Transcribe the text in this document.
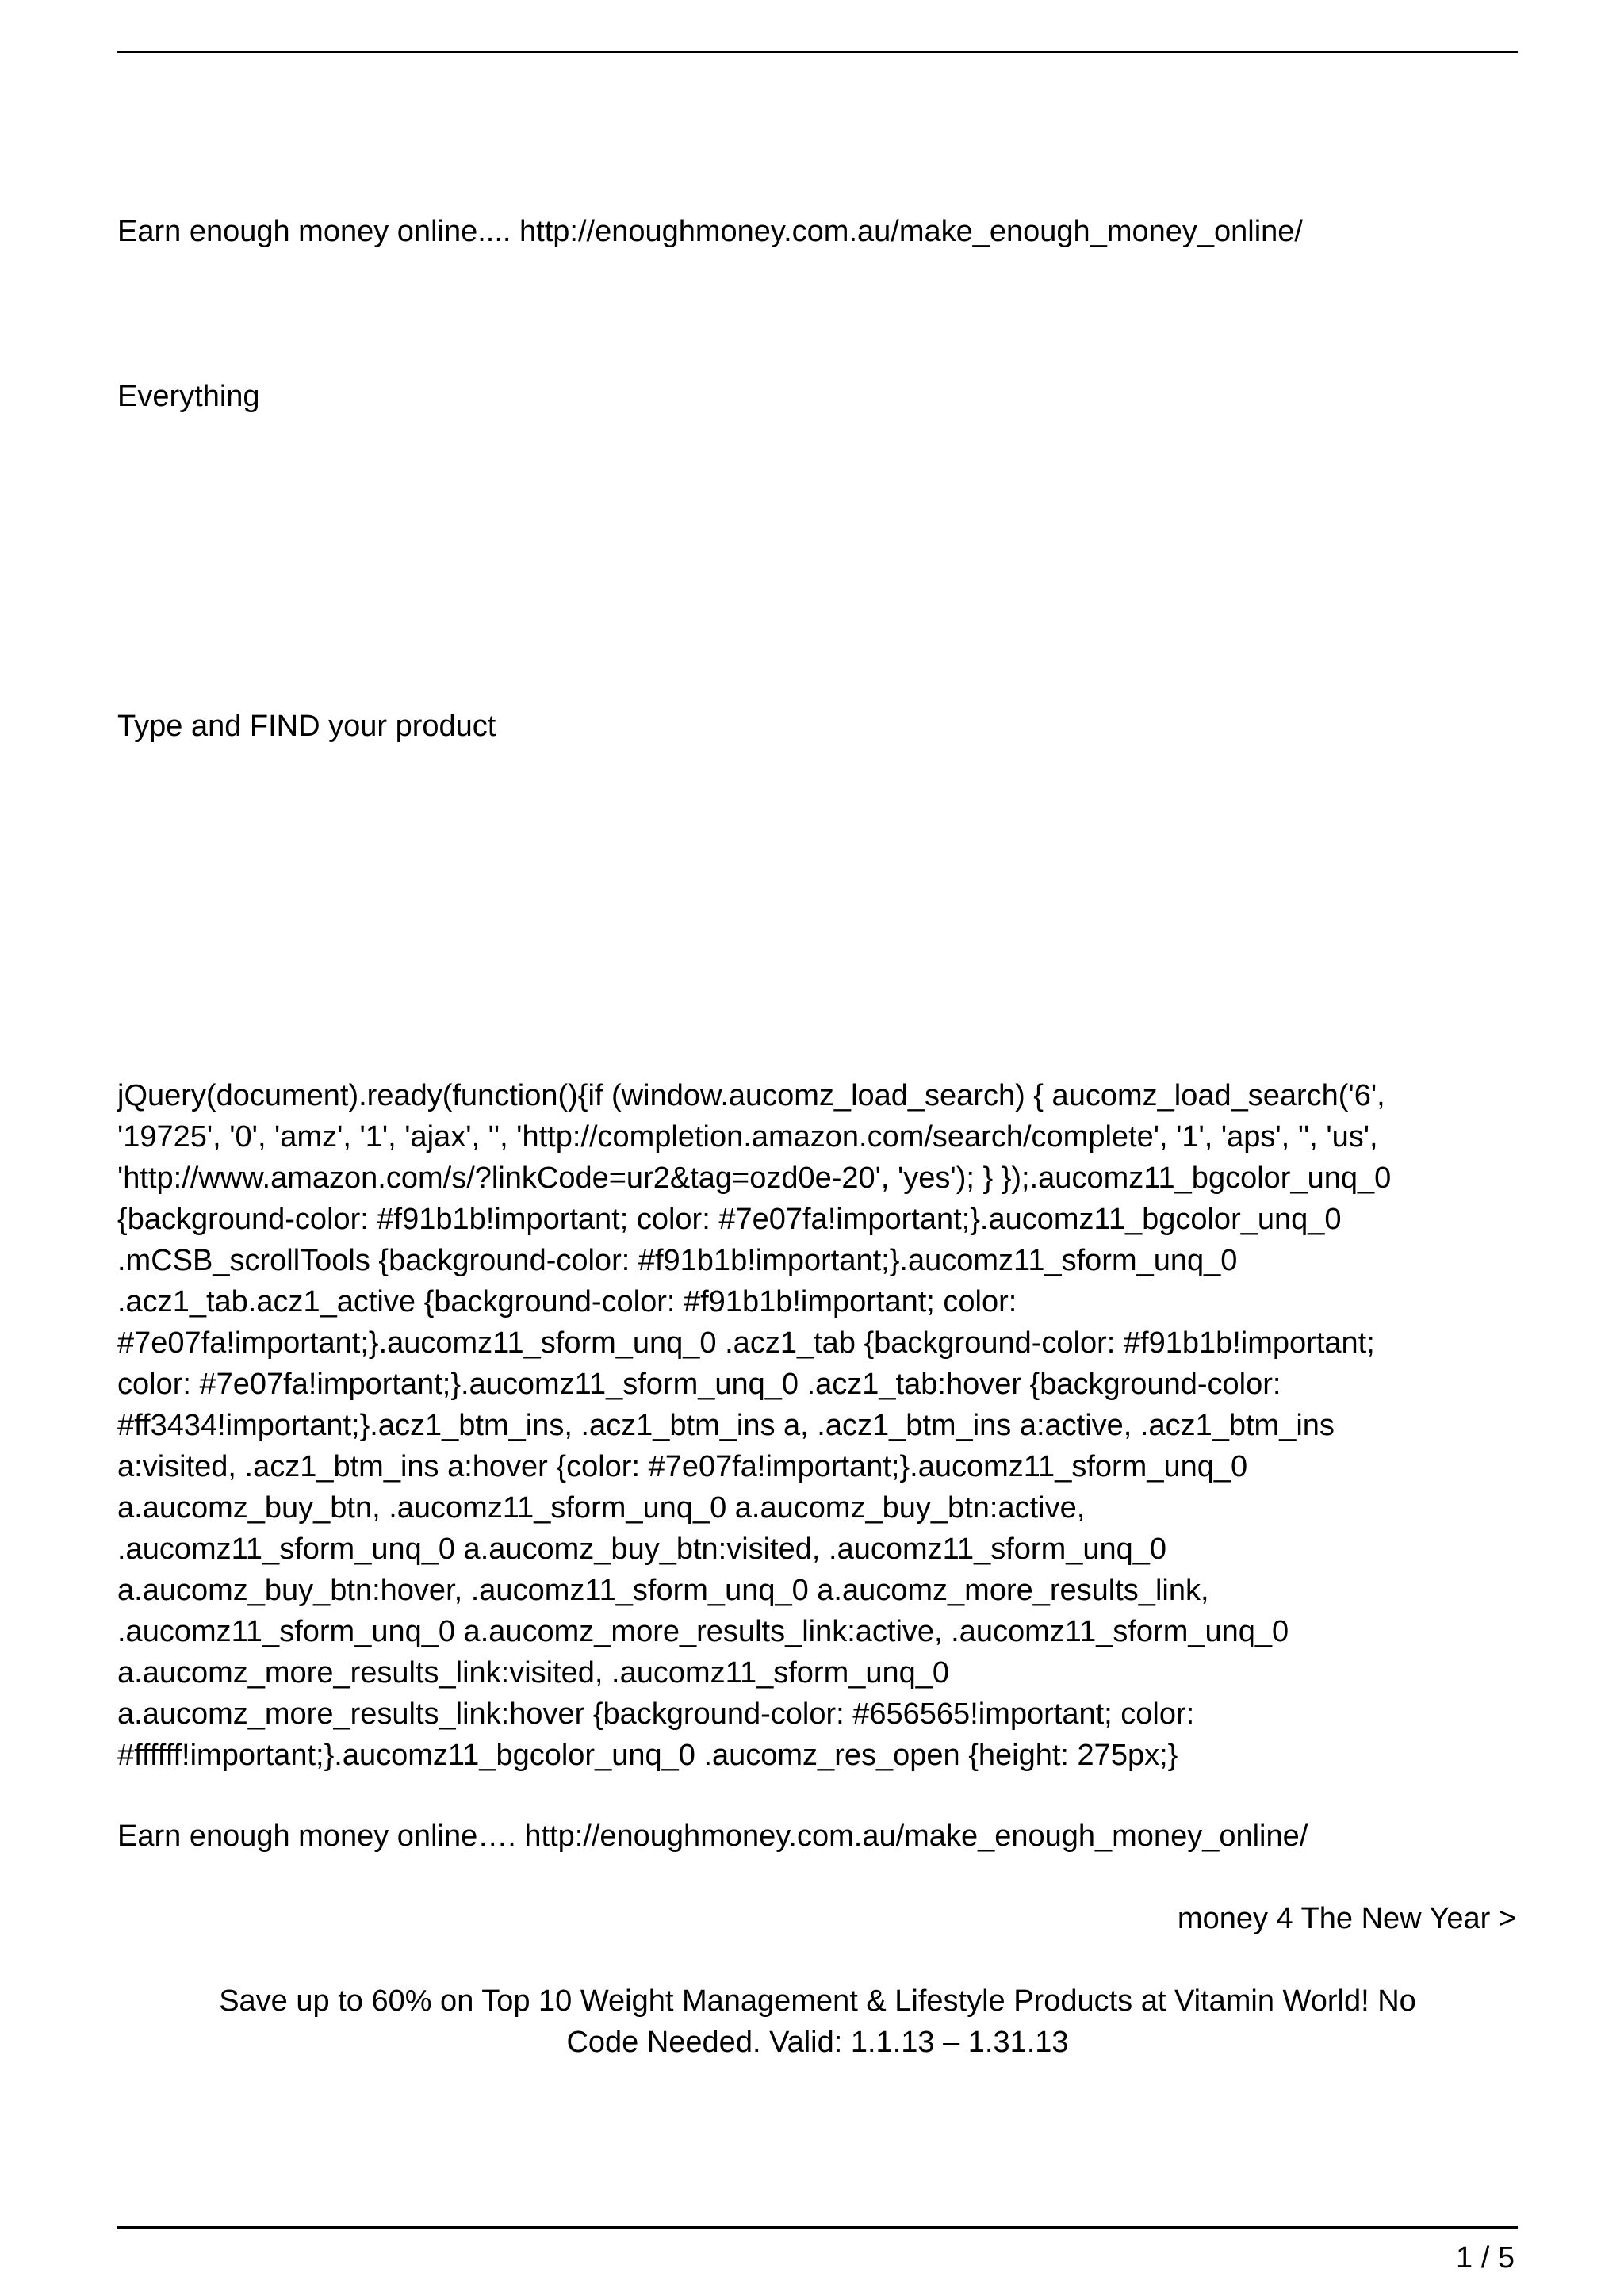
Earn enough money online.... http://enoughmoney.com.au/make_enough_money_online/
Everything
Type and FIND your product
jQuery(document).ready(function(){if (window.aucomz_load_search) { aucomz_load_search('6',
'19725', '0', 'amz', '1', 'ajax', '', 'http://completion.amazon.com/search/complete', '1', 'aps', '', 'us',
'http://www.amazon.com/s/?linkCode=ur2&tag=ozd0e-20', 'yes'); } });.aucomz11_bgcolor_unq_0
{background-color: #f91b1b!important; color: #7e07fa!important;}.aucomz11_bgcolor_unq_0
.mCSB_scrollTools {background-color: #f91b1b!important;}.aucomz11_sform_unq_0
.acz1_tab.acz1_active {background-color: #f91b1b!important; color:
#7e07fa!important;}.aucomz11_sform_unq_0 .acz1_tab {background-color: #f91b1b!important;
color: #7e07fa!important;}.aucomz11_sform_unq_0 .acz1_tab:hover {background-color:
#ff3434!important;}.acz1_btm_ins, .acz1_btm_ins a, .acz1_btm_ins a:active, .acz1_btm_ins
a:visited, .acz1_btm_ins a:hover {color: #7e07fa!important;}.aucomz11_sform_unq_0
a.aucomz_buy_btn, .aucomz11_sform_unq_0 a.aucomz_buy_btn:active,
.aucomz11_sform_unq_0 a.aucomz_buy_btn:visited, .aucomz11_sform_unq_0
a.aucomz_buy_btn:hover, .aucomz11_sform_unq_0 a.aucomz_more_results_link,
.aucomz11_sform_unq_0 a.aucomz_more_results_link:active, .aucomz11_sform_unq_0
a.aucomz_more_results_link:visited, .aucomz11_sform_unq_0
a.aucomz_more_results_link:hover {background-color: #656565!important; color:
#ffffff!important;}.aucomz11_bgcolor_unq_0 .aucomz_res_open {height: 275px;}
Earn enough money online…. http://enoughmoney.com.au/make_enough_money_online/
money 4 The New Year >
Save up to 60% on Top 10 Weight Management & Lifestyle Products at Vitamin World! No
Code Needed. Valid: 1.1.13 – 1.31.13
1 / 5
